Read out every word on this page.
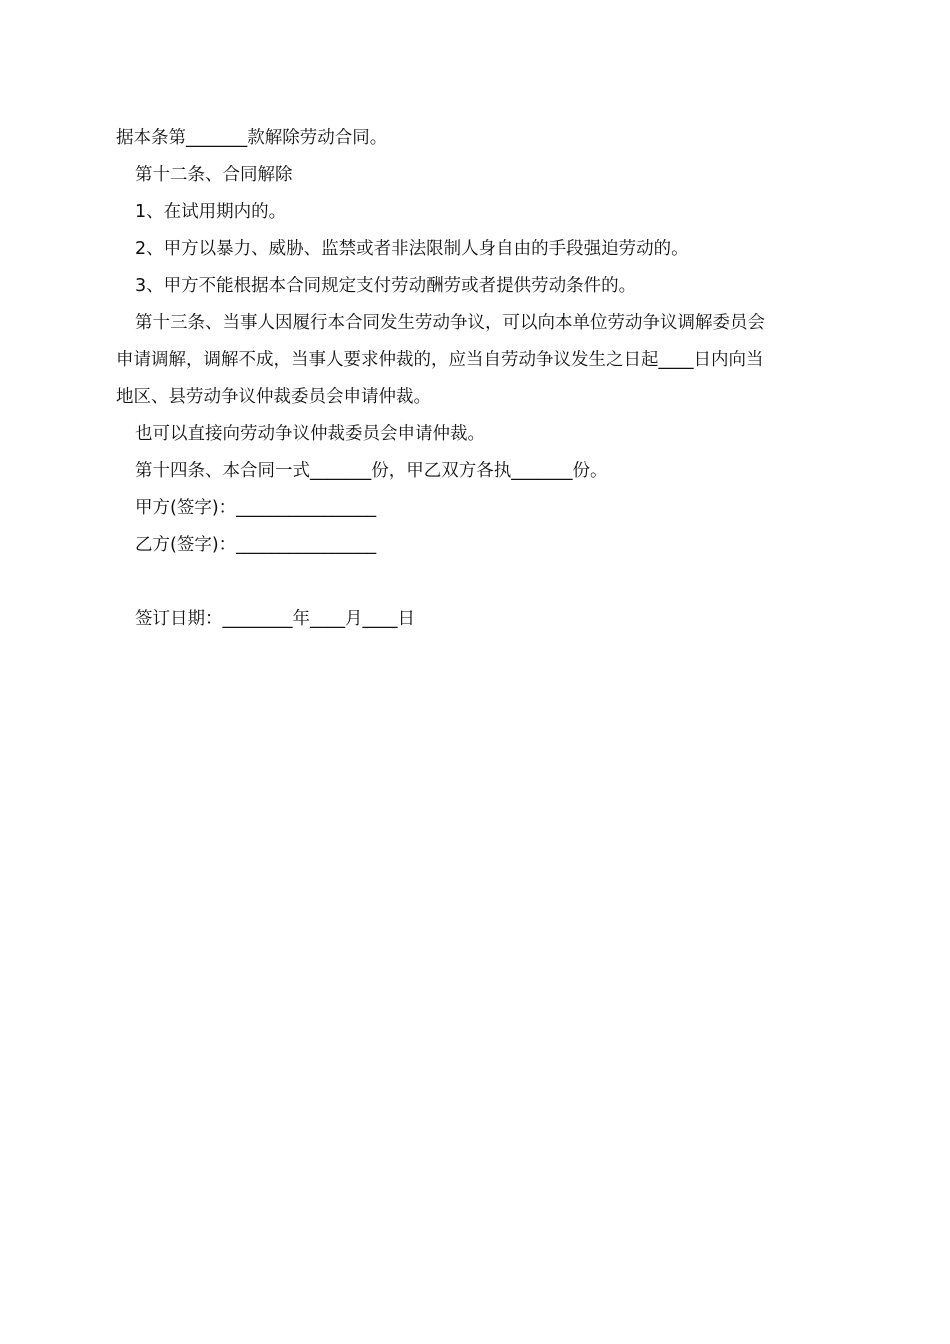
据本条第_______款解除劳动合同。
第十二条、合同解除
1、在试用期内的。
2、甲方以暴力、威胁、监禁或者非法限制人身自由的手段强迫劳动的。
3、甲方不能根据本合同规定支付劳动酬劳或者提供劳动条件的。
第十三条、当事人因履行本合同发生劳动争议，可以向本单位劳动争议调解委员会
申请调解，调解不成，当事人要求仲裁的，应当自劳动争议发生之日起____日内向当
地区、县劳动争议仲裁委员会申请仲裁。
也可以直接向劳动争议仲裁委员会申请仲裁。
第十四条、本合同一式_______份，甲乙双方各执_______份。
甲方(签字)：________________
乙方(签字)：________________
签订日期：________年____月____日
